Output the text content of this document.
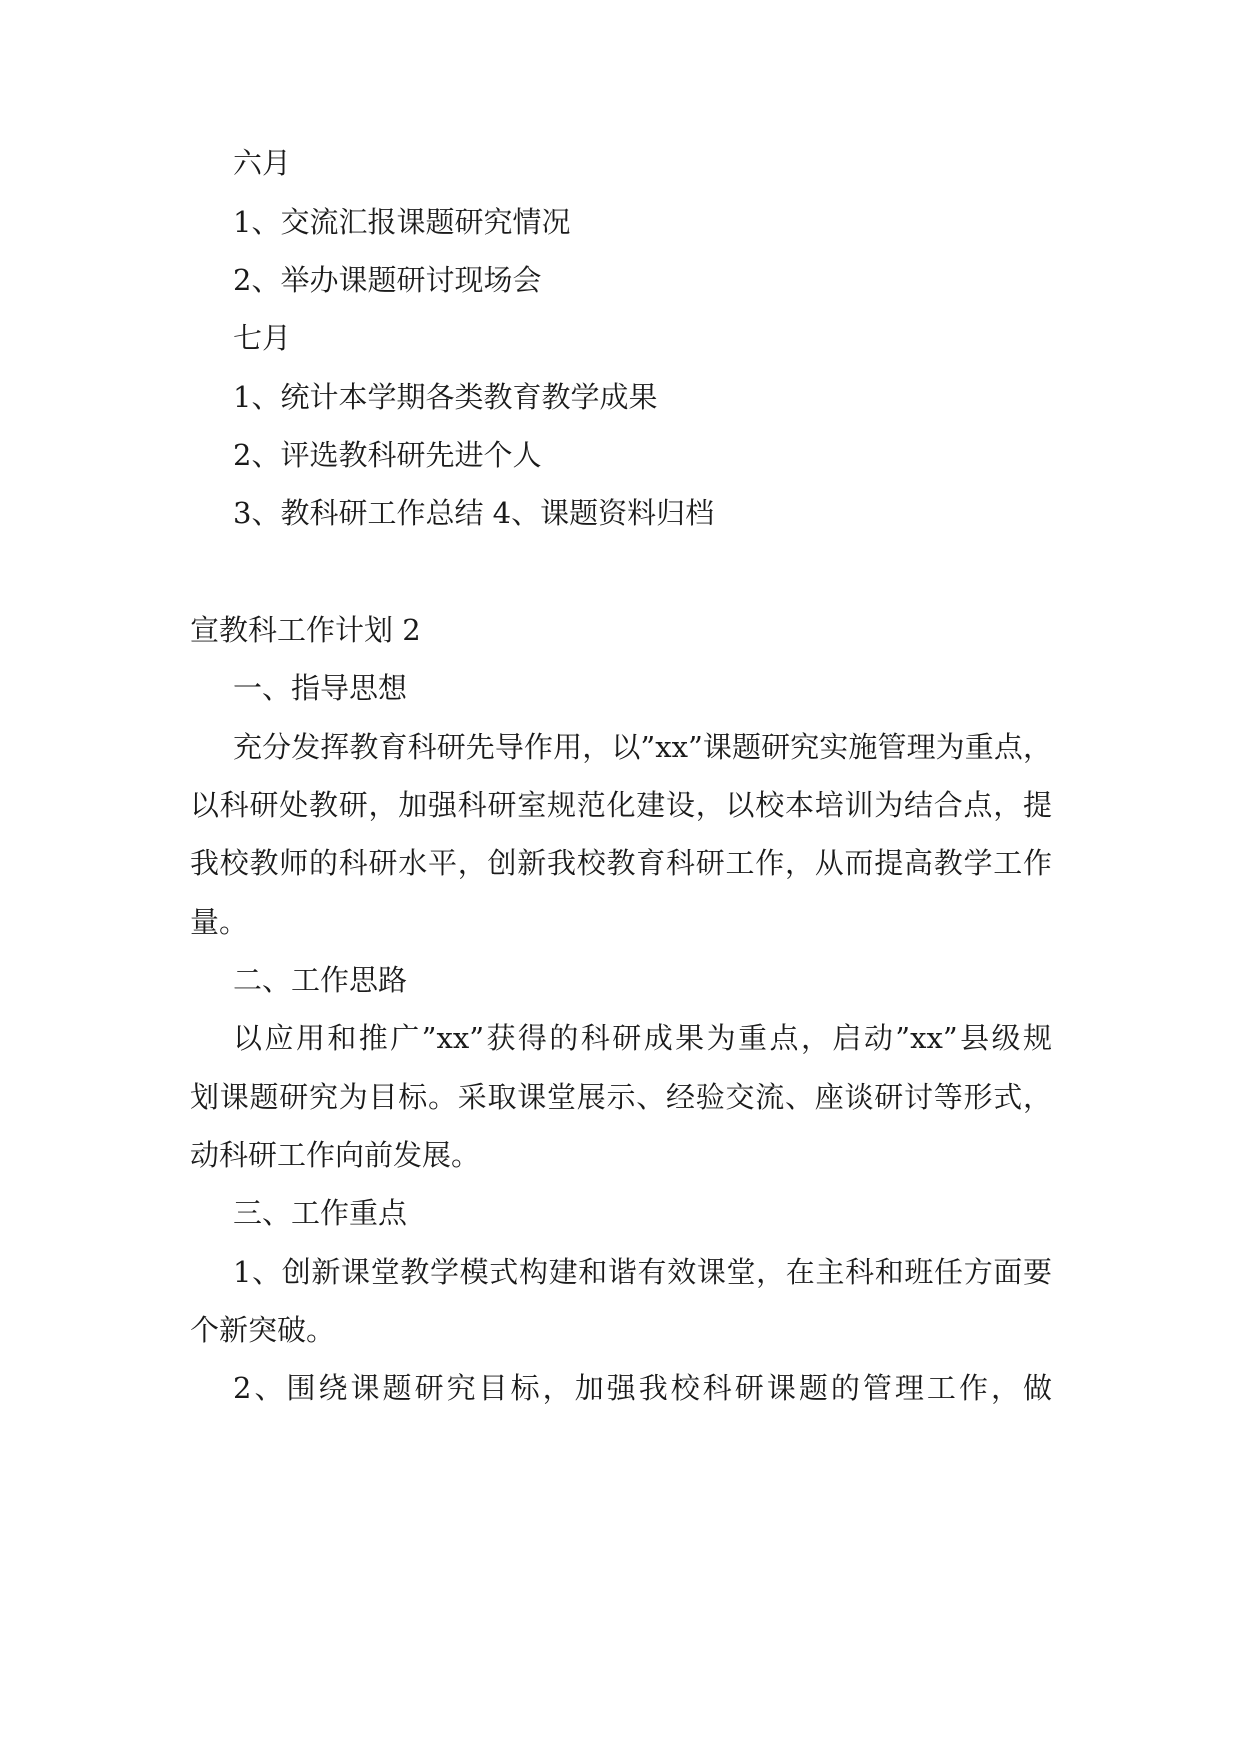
六月

1、交流汇报课题研究情况

2、举办课题研讨现场会

七月

1、统计本学期各类教育教学成果

2、评选教科研先进个人

3、教科研工作总结 4、课题资料归档

宣教科工作计划 2

一、指导思想

充分发挥教育科研先导作用，以”xx”课题研究实施管理为重点，

以科研处教研，加强科研室规范化建设，以校本培训为结合点，提

我校教师的科研水平，创新我校教育科研工作，从而提高教学工作

量。

二、工作思路

以应用和推广”xx”获得的科研成果为重点，启动”xx”县级规

划课题研究为目标。采取课堂展示、经验交流、座谈研讨等形式，

动科研工作向前发展。

三、工作重点

1、创新课堂教学模式构建和谐有效课堂，在主科和班任方面要

个新突破。

2、围绕课题研究目标，加强我校科研课题的管理工作，做
